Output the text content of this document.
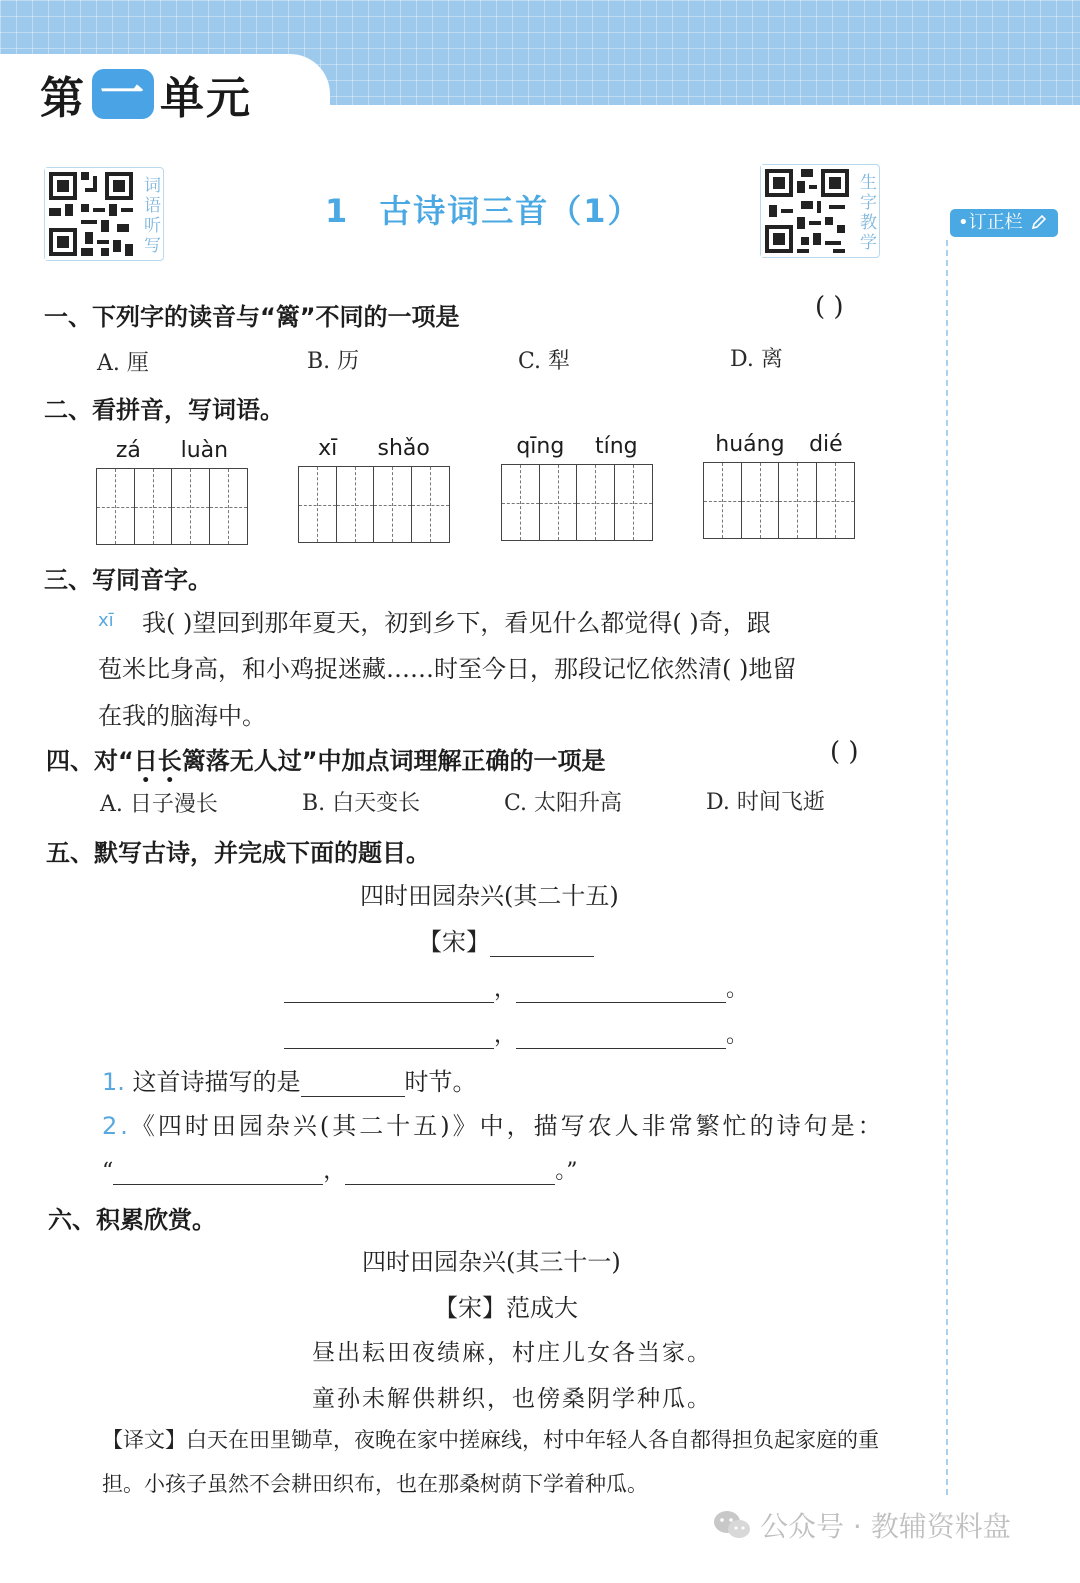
第 一 单元
词语听写	生字教学
1 古诗词三首（1）	•订正栏
一、下列字的读音与“篱”不同的一项是	( )
A. 厘	B. 历	C. 犁	D. 离
二、看拼音，写词语。
zá luàn	xī shǎo	qīng tíng	huáng dié
三、写同音字。
xī 我( )望回到那年夏天，初到乡下，看见什么都觉得( )奇，跟
苞米比身高，和小鸡捉迷藏……时至今日，那段记忆依然清( )地留
在我的脑海中。
四、对“日长篱落无人过”中加点词理解正确的一项是	( )
A. 日子漫长	B. 白天变长	C. 太阳升高	D. 时间飞逝
五、默写古诗，并完成下面的题目。
四时田园杂兴(其二十五)
【宋】
，	。
，	。
1. 这首诗描写的是	时节。
2.《四时田园杂兴(其二十五)》中，描写农人非常繁忙的诗句是：
“	，	。”
六、积累欣赏。
四时田园杂兴(其三十一)
【宋】范成大
昼出耘田夜绩麻，村庄儿女各当家。
童孙未解供耕织，也傍桑阴学种瓜。
【译文】白天在田里锄草，夜晚在家中搓麻线，村中年轻人各自都得担负起家庭的重
担。小孩子虽然不会耕田织布，也在那桑树荫下学着种瓜。
公众号 · 教辅资料盘
